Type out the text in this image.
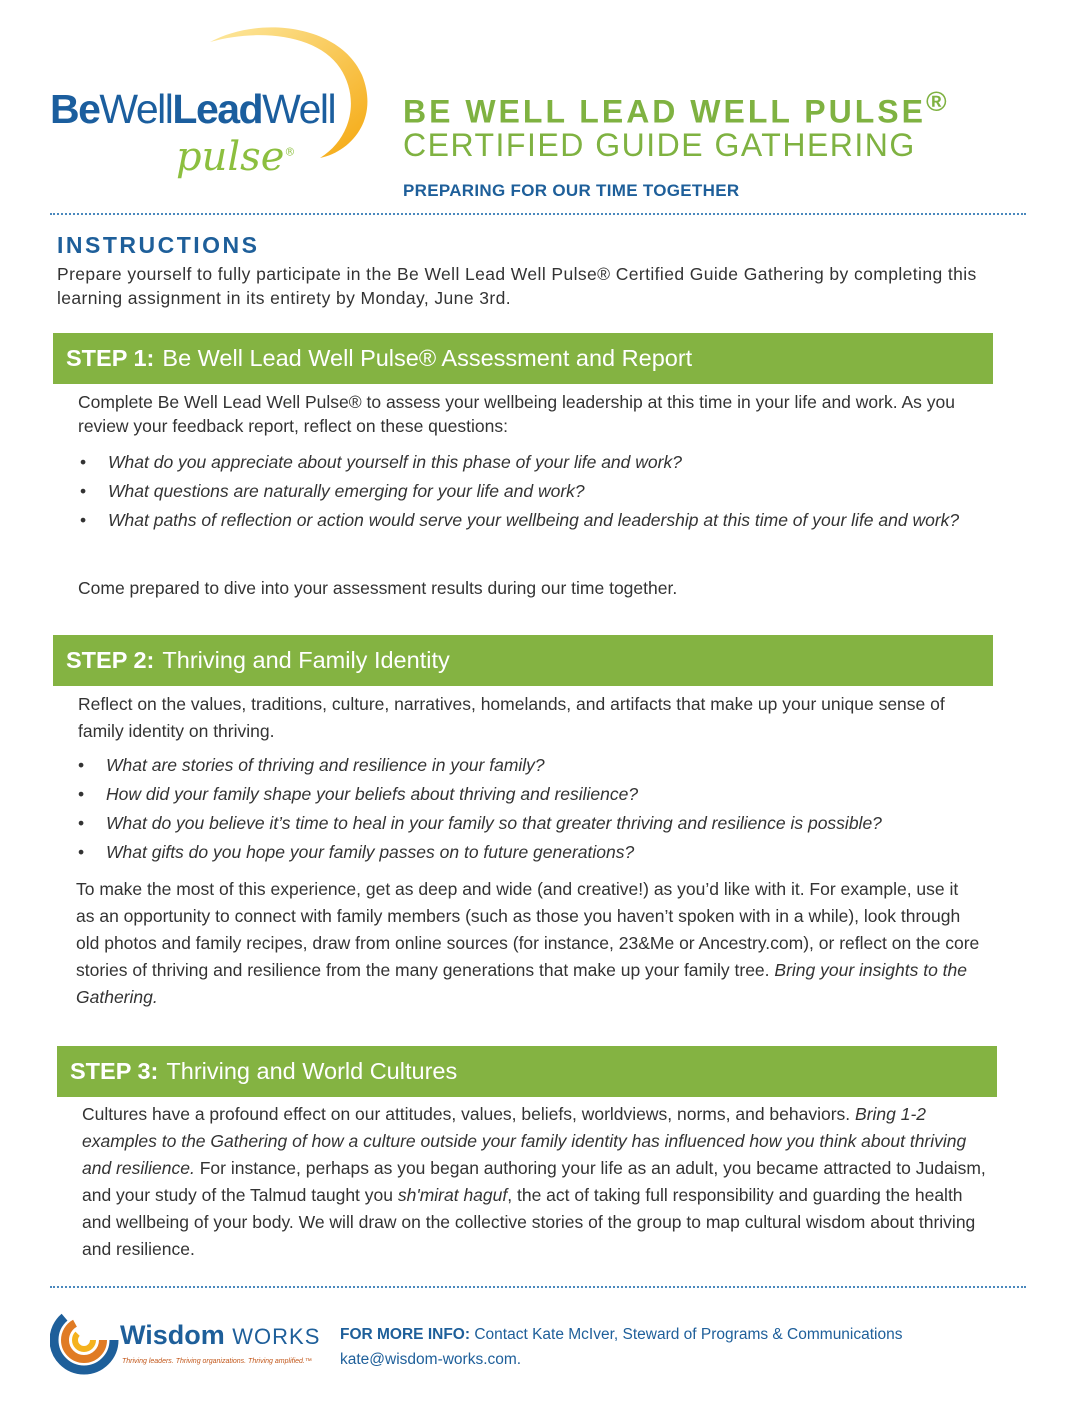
BeWellLeadWell
pulse®
BE WELL LEAD WELL PULSE®
CERTIFIED GUIDE GATHERING
PREPARING FOR OUR TIME TOGETHER
INSTRUCTIONS
Prepare yourself to fully participate in the Be Well Lead Well Pulse® Certified Guide Gathering by completing this learning assignment in its entirety by Monday, June 3rd.
STEP 1: Be Well Lead Well Pulse® Assessment and Report
Complete Be Well Lead Well Pulse® to assess your wellbeing leadership at this time in your life and work. As you review your feedback report, reflect on these questions:
• What do you appreciate about yourself in this phase of your life and work?
• What questions are naturally emerging for your life and work?
• What paths of reflection or action would serve your wellbeing and leadership at this time of your life and work?
Come prepared to dive into your assessment results during our time together.
STEP 2: Thriving and Family Identity
Reflect on the values, traditions, culture, narratives, homelands, and artifacts that make up your unique sense of family identity on thriving.
• What are stories of thriving and resilience in your family?
• How did your family shape your beliefs about thriving and resilience?
• What do you believe it’s time to heal in your family so that greater thriving and resilience is possible?
• What gifts do you hope your family passes on to future generations?
To make the most of this experience, get as deep and wide (and creative!) as you’d like with it. For example, use it as an opportunity to connect with family members (such as those you haven’t spoken with in a while), look through old photos and family recipes, draw from online sources (for instance, 23&Me or Ancestry.com), or reflect on the core stories of thriving and resilience from the many generations that make up your family tree. Bring your insights to the Gathering.
STEP 3: Thriving and World Cultures
Cultures have a profound effect on our attitudes, values, beliefs, worldviews, norms, and behaviors. Bring 1-2 examples to the Gathering of how a culture outside your family identity has influenced how you think about thriving and resilience. For instance, perhaps as you began authoring your life as an adult, you became attracted to Judaism, and your study of the Talmud taught you sh'mirat haguf, the act of taking full responsibility and guarding the health and wellbeing of your body. We will draw on the collective stories of the group to map cultural wisdom about thriving and resilience.
Wisdom WORKS
Thriving leaders. Thriving organizations. Thriving amplified.™
FOR MORE INFO: Contact Kate McIver, Steward of Programs & Communications
kate@wisdom-works.com.
